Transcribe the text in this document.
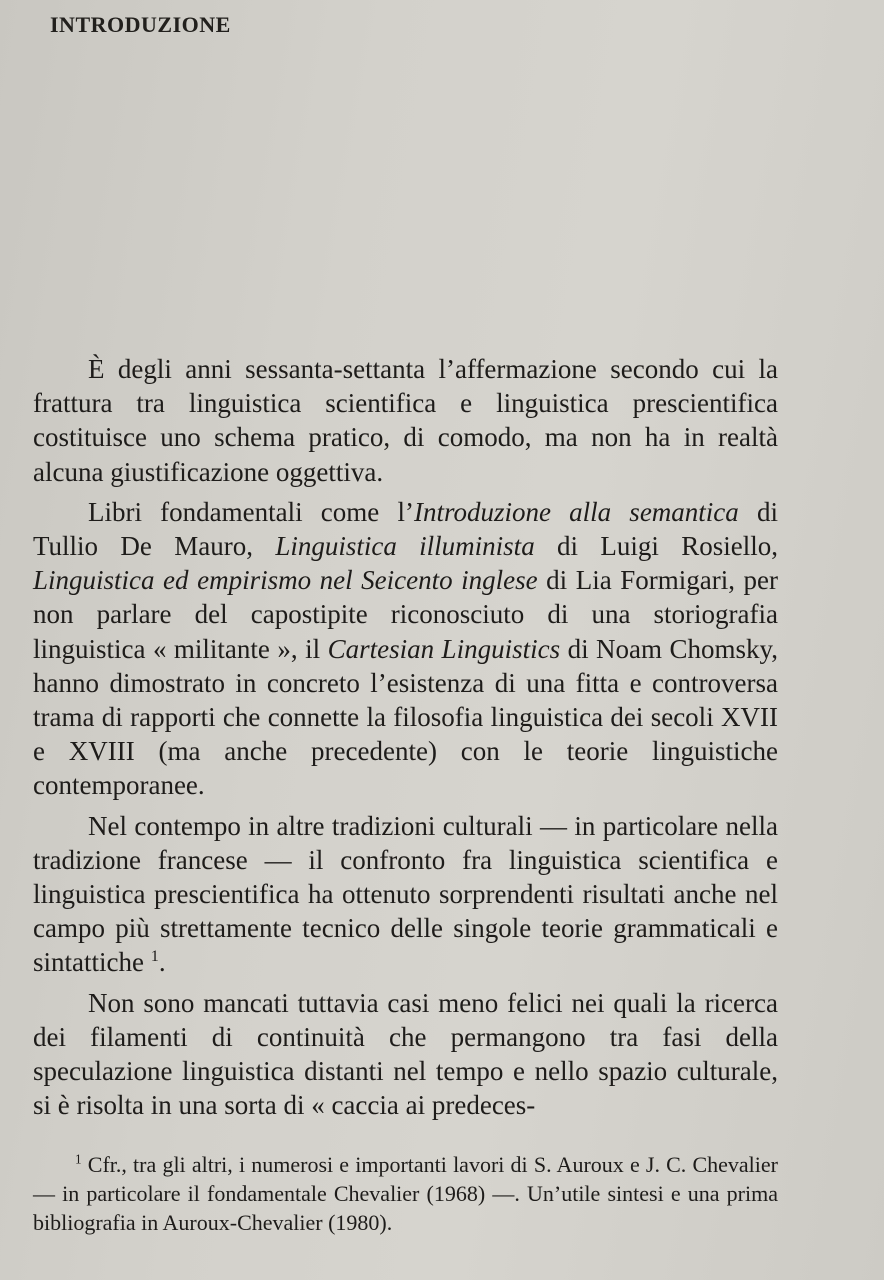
INTRODUZIONE

È degli anni sessanta-settanta l’affermazione secondo cui la frattura tra linguistica scientifica e linguistica prescientifica costituisce uno schema pratico, di comodo, ma non ha in realtà alcuna giustificazione oggettiva.

Libri fondamentali come l’Introduzione alla semantica di Tullio De Mauro, Linguistica illuminista di Luigi Rosiello, Linguistica ed empirismo nel Seicento inglese di Lia Formigari, per non parlare del capostipite riconosciuto di una storiografia linguistica « militante », il Cartesian Linguistics di Noam Chomsky, hanno dimostrato in concreto l’esistenza di una fitta e controversa trama di rapporti che connette la filosofia linguistica dei secoli XVII e XVIII (ma anche precedente) con le teorie linguistiche contemporanee.

Nel contempo in altre tradizioni culturali — in particolare nella tradizione francese — il confronto fra linguistica scientifica e linguistica prescientifica ha ottenuto sorprendenti risultati anche nel campo più strettamente tecnico delle singole teorie grammaticali e sintattiche $^1$.

Non sono mancati tuttavia casi meno felici nei quali la ricerca dei filamenti di continuità che permangono tra fasi della speculazione linguistica distanti nel tempo e nello spazio culturale, si è risolta in una sorta di « caccia ai predeces-

$^1$ Cfr., tra gli altri, i numerosi e importanti lavori di S. Auroux e J. C. Chevalier — in particolare il fondamentale Chevalier (1968) —. Un’utile sintesi e una prima bibliografia in Auroux-Chevalier (1980).
